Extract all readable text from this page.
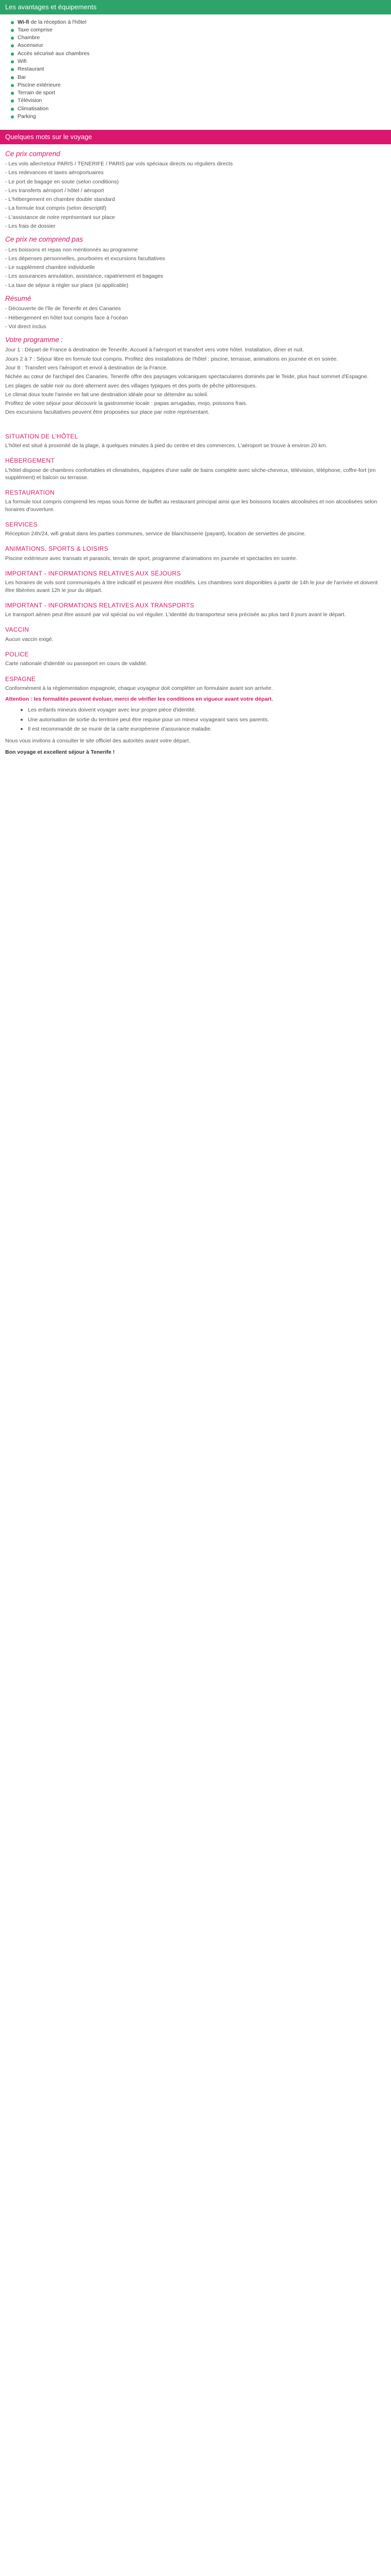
Les avantages et équipements
Wi-fi de la réception à l'hôtel
Taxe comprise
Chambre
Ascenseur
Accès sécurisé aux chambres
Wifi
Restaurant
Bar
Piscine extérieure
Terrain de sport
Télévision
Climatisation
Parking
Quelques mots sur le voyage
Ce prix comprend

- Les vols aller/retour PARIS / TENERIFE / PARIS par vols spéciaux directs ou réguliers directs

- Les redevances et taxes aéroportuaires

- Le port de bagage en soute (selon conditions)

- Les transferts aéroport / hôtel / aéroport

- L'hébergement en chambre double standard

- La formule tout compris (selon descriptif)

- L'assistance de notre représentant sur place

- Les frais de dossier

Ce prix ne comprend pas

- Les boissons et repas non mentionnés au programme

- Les dépenses personnelles, pourboires et excursions facultatives

- Le supplément chambre individuelle

- Les assurances annulation, assistance, rapatriement et bagages

- La taxe de séjour à régler sur place (si applicable)

Résumé

- Découverte de l'île de Tenerife et des Canaries

- Hébergement en hôtel tout compris face à l'océan

- Vol direct inclus

Votre programme :

Jour 1 : Départ de France à destination de Tenerife. Accueil à l'aéroport et transfert vers votre hôtel. Installation, dîner et nuit.

Jours 2 à 7 : Séjour libre en formule tout compris. Profitez des installations de l'hôtel : piscine, terrasse, animations en journée et en soirée.

Jour 8 : Transfert vers l'aéroport et envol à destination de la France.

Nichée au cœur de l'archipel des Canaries, Tenerife offre des paysages volcaniques spectaculaires dominés par le Teide, plus haut sommet d'Espagne.

Les plages de sable noir ou doré alternent avec des villages typiques et des ports de pêche pittoresques.

Le climat doux toute l'année en fait une destination idéale pour se détendre au soleil.

Profitez de votre séjour pour découvrir la gastronomie locale : papas arrugadas, mojo, poissons frais.

Des excursions facultatives peuvent être proposées sur place par notre représentant.

SITUATION DE L'HÔTEL

L'hôtel est situé à proximité de la plage, à quelques minutes à pied du centre et des commerces. L'aéroport se trouve à environ 20 km.

HÉBERGEMENT

L'hôtel dispose de chambres confortables et climatisées, équipées d'une salle de bains complète avec sèche-cheveux, télévision, téléphone, coffre-fort (en supplément) et balcon ou terrasse.

RESTAURATION

La formule tout compris comprend les repas sous forme de buffet au restaurant principal ainsi que les boissons locales alcoolisées et non alcoolisées selon horaires d'ouverture.

SERVICES

Réception 24h/24, wifi gratuit dans les parties communes, service de blanchisserie (payant), location de serviettes de piscine.

ANIMATIONS, SPORTS & LOISIRS

Piscine extérieure avec transats et parasols, terrain de sport, programme d'animations en journée et spectacles en soirée.

IMPORTANT - INFORMATIONS RELATIVES AUX SÉJOURS

Les horaires de vols sont communiqués à titre indicatif et peuvent être modifiés. Les chambres sont disponibles à partir de 14h le jour de l'arrivée et doivent être libérées avant 12h le jour du départ.

IMPORTANT - INFORMATIONS RELATIVES AUX TRANSPORTS

Le transport aérien peut être assuré par vol spécial ou vol régulier. L'identité du transporteur sera précisée au plus tard 8 jours avant le départ.

VACCIN

Aucun vaccin exigé.

POLICE

Carte nationale d'identité ou passeport en cours de validité.

ESPAGNE

Conformément à la réglementation espagnole, chaque voyageur doit compléter un formulaire avant son arrivée.

Attention : les formalités peuvent évoluer, merci de vérifier les conditions en vigueur avant votre départ.

Les enfants mineurs doivent voyager avec leur propre pièce d'identité.
Une autorisation de sortie du territoire peut être requise pour un mineur voyageant sans ses parents.
Il est recommandé de se munir de la carte européenne d'assurance maladie.

Nous vous invitons à consulter le site officiel des autorités avant votre départ.

Bon voyage et excellent séjour à Tenerife !
